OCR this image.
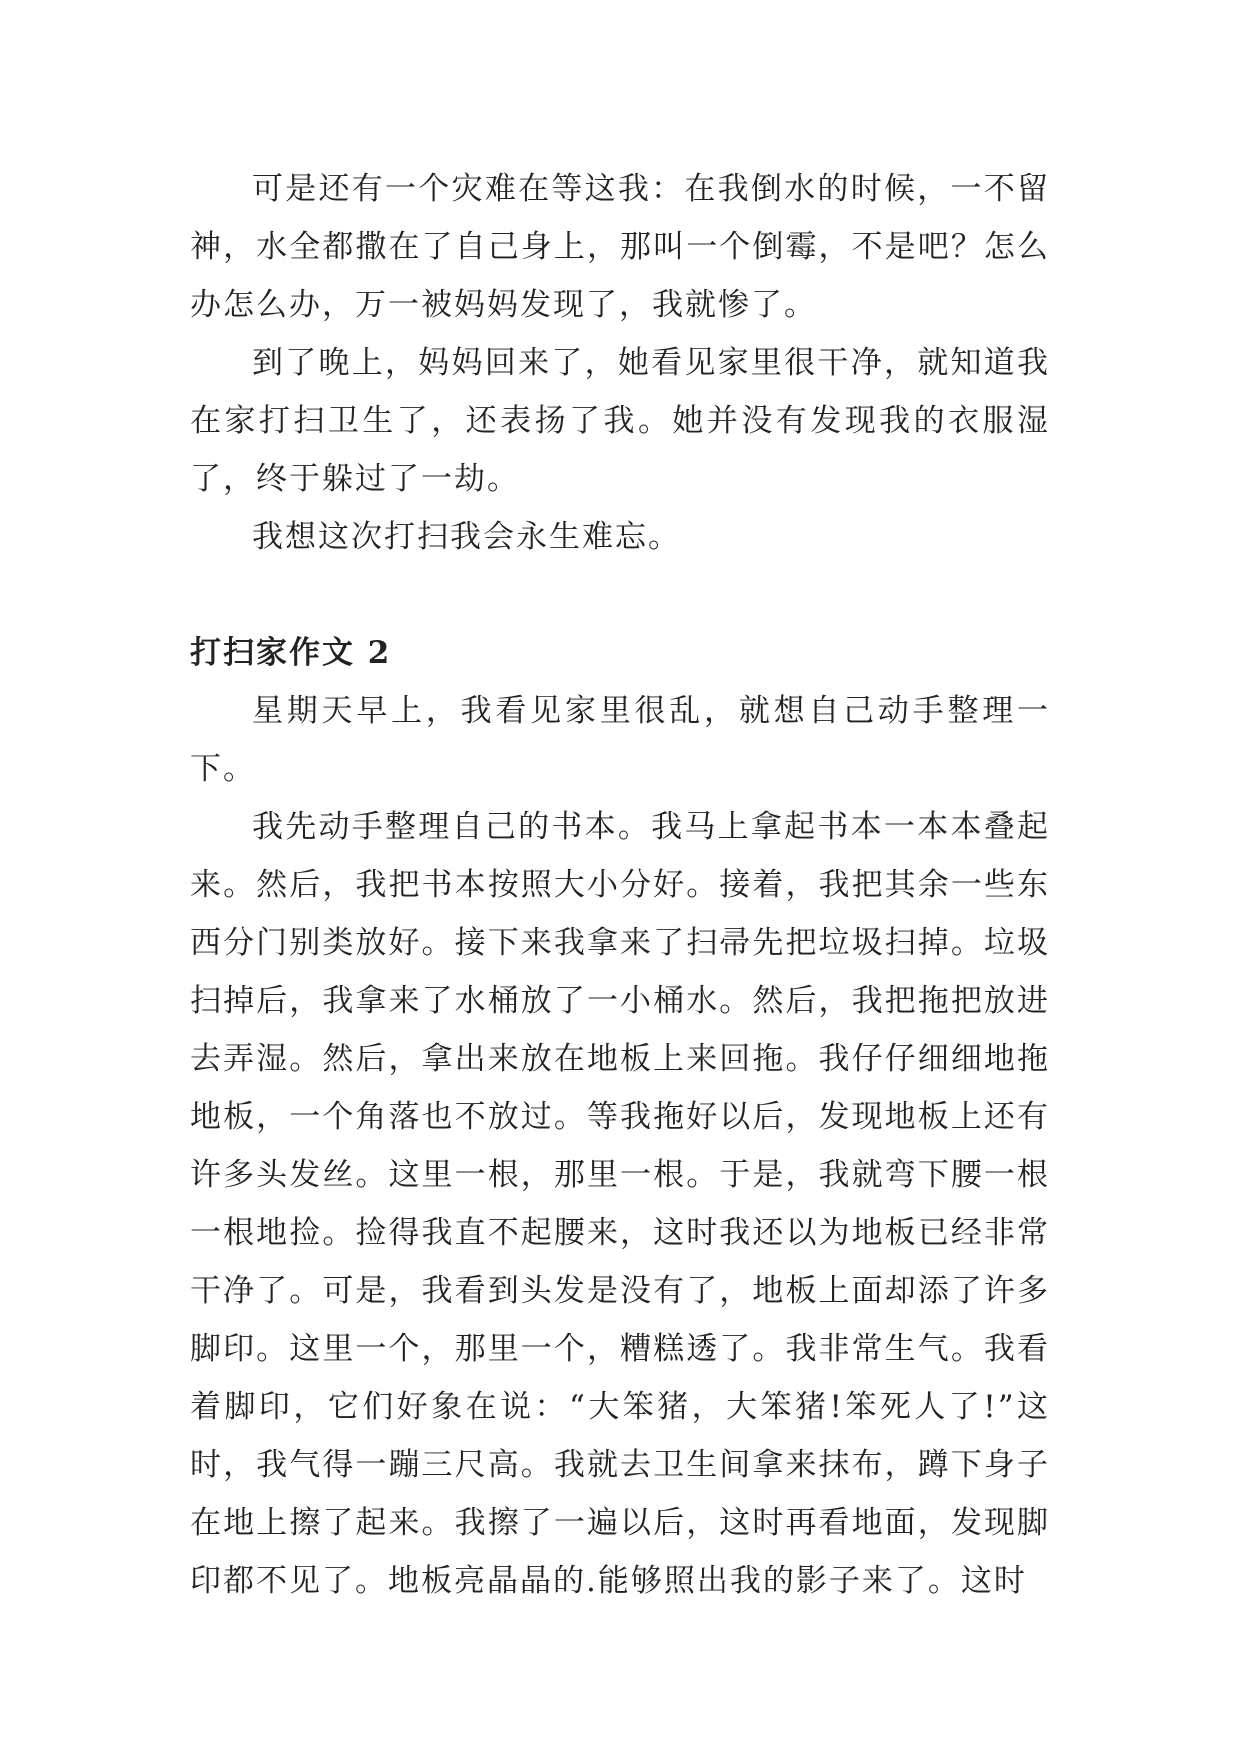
可是还有一个灾难在等这我：在我倒水的时候，一不留神，水全都撒在了自己身上，那叫一个倒霉，不是吧？怎么办怎么办，万一被妈妈发现了，我就惨了。

到了晚上，妈妈回来了，她看见家里很干净，就知道我在家打扫卫生了，还表扬了我。她并没有发现我的衣服湿了，终于躲过了一劫。

我想这次打扫我会永生难忘。

打扫家作文 2

星期天早上，我看见家里很乱，就想自己动手整理一下。

我先动手整理自己的书本。我马上拿起书本一本本叠起来。然后，我把书本按照大小分好。接着，我把其余一些东西分门别类放好。接下来我拿来了扫帚先把垃圾扫掉。垃圾扫掉后，我拿来了水桶放了一小桶水。然后，我把拖把放进去弄湿。然后，拿出来放在地板上来回拖。我仔仔细细地拖地板，一个角落也不放过。等我拖好以后，发现地板上还有许多头发丝。这里一根，那里一根。于是，我就弯下腰一根一根地捡。捡得我直不起腰来，这时我还以为地板已经非常干净了。可是，我看到头发是没有了，地板上面却添了许多脚印。这里一个，那里一个，糟糕透了。我非常生气。我看着脚印，它们好象在说：“大笨猪，大笨猪!笨死人了!”这时，我气得一蹦三尺高。我就去卫生间拿来抹布，蹲下身子在地上擦了起来。我擦了一遍以后，这时再看地面，发现脚印都不见了。地板亮晶晶的.能够照出我的影子来了。这时
